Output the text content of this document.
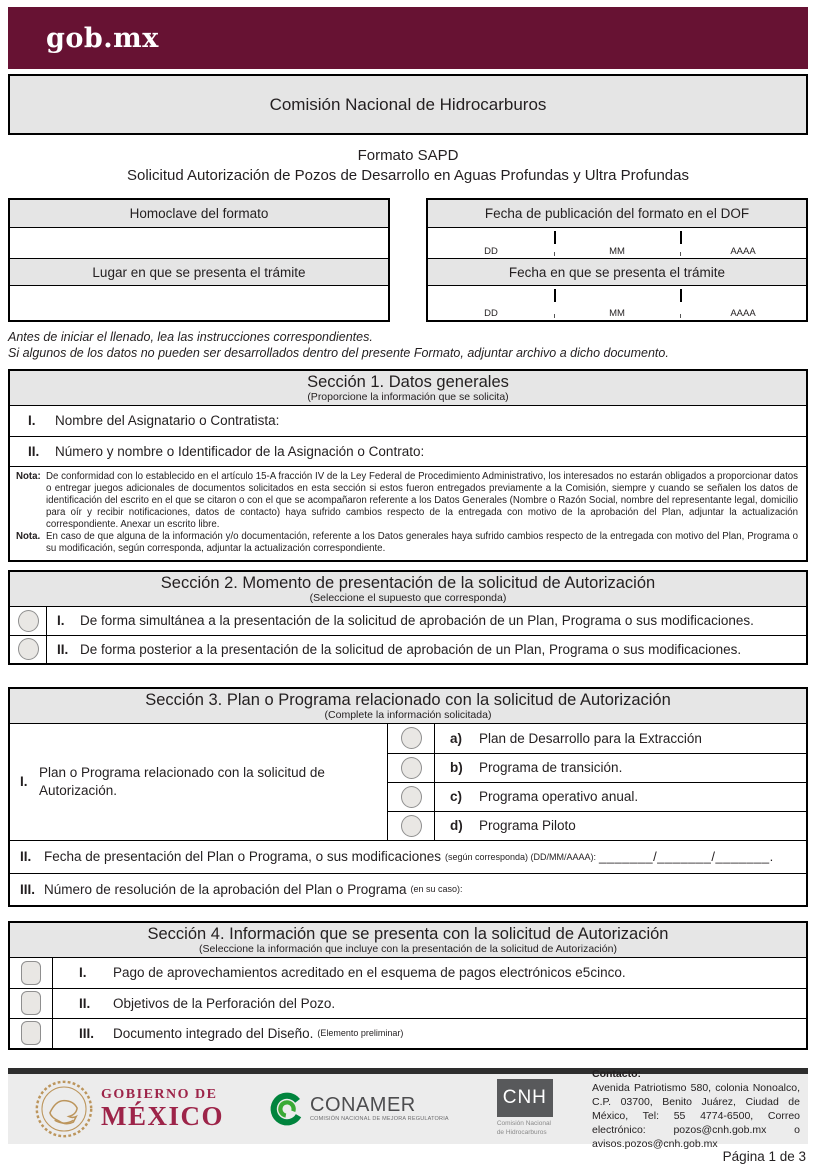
gob.mx
Comisión Nacional de Hidrocarburos
Formato SAPD
Solicitud Autorización de Pozos de Desarrollo en Aguas Profundas y Ultra Profundas
Homoclave del formato
Lugar en que se presenta el trámite
Fecha de publicación del formato en el DOF
DD	MM	AAAA
Fecha en que se presenta el trámite
DD	MM	AAAA
Antes de iniciar el llenado, lea las instrucciones correspondientes.
Si algunos de los datos no pueden ser desarrollados dentro del presente Formato, adjuntar archivo a dicho documento.
Sección 1. Datos generales
(Proporcione la información que se solicita)
I.	Nombre del Asignatario o Contratista:
II.	Número y nombre o Identificador de la Asignación o Contrato:
Nota: De conformidad con lo establecido en el artículo 15-A fracción IV de la Ley Federal de Procedimiento Administrativo, los interesados no estarán obligados a proporcionar datos o entregar juegos adicionales de documentos solicitados en esta sección si estos fueron entregados previamente a la Comisión, siempre y cuando se señalen los datos de identificación del escrito en el que se citaron o con el que se acompañaron referente a los Datos Generales (Nombre o Razón Social, nombre del representante legal, domicilio para oír y recibir notificaciones, datos de contacto) haya sufrido cambios respecto de la entregada con motivo de la aprobación del Plan, adjuntar la actualización correspondiente. Anexar un escrito libre.
Nota. En caso de que alguna de la información y/o documentación, referente a los Datos generales haya sufrido cambios respecto de la entregada con motivo del Plan, Programa o su modificación, según corresponda, adjuntar la actualización correspondiente.
Sección 2. Momento de presentación de la solicitud de Autorización
(Seleccione el supuesto que corresponda)
I.	De forma simultánea a la presentación de la solicitud de aprobación de un Plan, Programa o sus modificaciones.
II. De forma posterior a la presentación de la solicitud de aprobación de un Plan, Programa o sus modificaciones.
Sección 3. Plan o Programa relacionado con la solicitud de Autorización
(Complete la información solicitada)
I.
Plan o Programa relacionado con la solicitud de Autorización.
a)	Plan de Desarrollo para la Extracción
b)	Programa de transición.
c)	Programa operativo anual.
d)	Programa Piloto
II. Fecha de presentación del Plan o Programa, o sus modificaciones (según corresponda) (DD/MM/AAAA): _______/_______/_______.
III. Número de resolución de la aprobación del Plan o Programa (en su caso):
Sección 4. Información que se presenta con la solicitud de Autorización
(Seleccione la información que incluye con la presentación de la solicitud de Autorización)
I.	Pago de aprovechamientos acreditado en el esquema de pagos electrónicos e5cinco.
II.	Objetivos de la Perforación del Pozo.
III.	Documento integrado del Diseño. (Elemento preliminar)
GOBIERNO DE
MÉXICO	CONAMER
COMISIÓN NACIONAL DE MEJORA REGULATORIA
CNH
Comisión Nacional
de Hidrocarburos
Contacto:
Avenida Patriotismo 580, colonia Nonoalco, C.P. 03700, Benito Juárez, Ciudad de México, Tel: 55 4774-6500, Correo electrónico: pozos@cnh.gob.mx o avisos.pozos@cnh.gob.mx
Página 1 de 3
